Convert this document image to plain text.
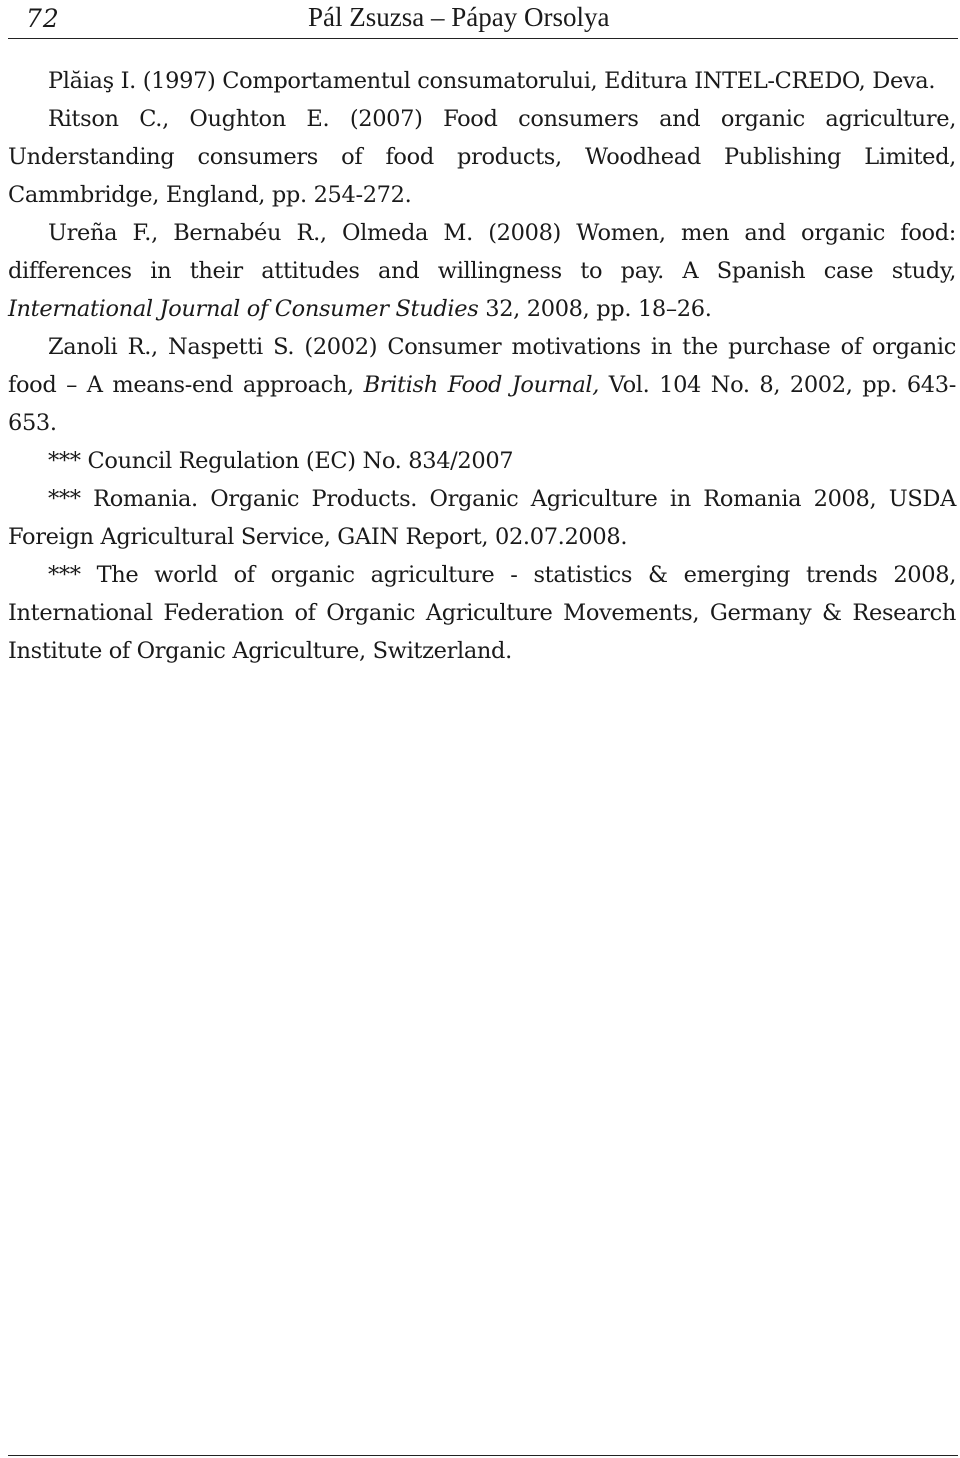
72	Pál Zsuzsa – Pápay Orsolya

Plăiaş I. (1997) Comportamentul consumatorului, Editura INTEL-CREDO, Deva.

Ritson C., Oughton E. (2007) Food consumers and organic agriculture, Understanding consumers of food products, Woodhead Publishing Limited, Cammbridge, England, pp. 254-272.

Ureña F., Bernabéu R., Olmeda M. (2008) Women, men and organic food: differences in their attitudes and willingness to pay. A Spanish case study, International Journal of Consumer Studies 32, 2008, pp. 18–26.

Zanoli R., Naspetti S. (2002) Consumer motivations in the purchase of organic food – A means-end approach, British Food Journal, Vol. 104 No. 8, 2002, pp. 643-653.

*** Council Regulation (EC) No. 834/2007

*** Romania. Organic Products. Organic Agriculture in Romania 2008, USDA Foreign Agricultural Service, GAIN Report, 02.07.2008.

*** The world of organic agriculture - statistics & emerging trends 2008, International Federation of Organic Agriculture Movements, Germany & Research Institute of Organic Agriculture, Switzerland.
